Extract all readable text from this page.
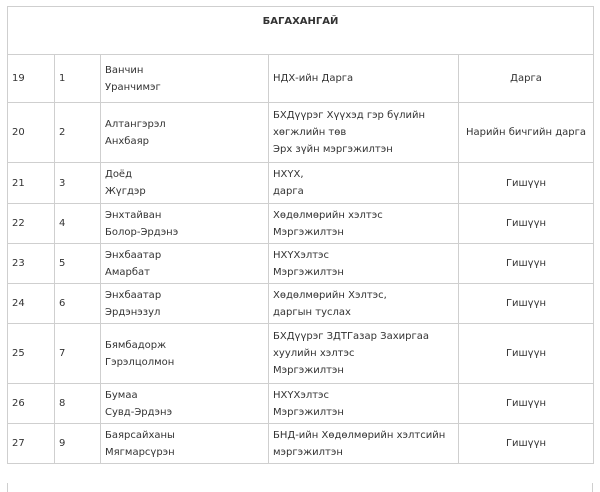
БАГАХАНГАЙ				
19	1	Ванчин
Уранчимэг	НДХ-ийн Дарга	Дарга
20	2	Алтангэрэл
Анхбаяр	БХДүүрэг Хүүхэд гэр бүлийн
хөгжлийн төв
Эрх зүйн мэргэжилтэн	Нарийн бичгийн дарга
21	3	Доёд
Жүгдэр	НХҮХ,
дарга	Гишүүн
22	4	Энхтайван
Болор-Эрдэнэ	Хөдөлмөрийн хэлтэс
Мэргэжилтэн	Гишүүн
23	5	Энхбаатар
Амарбат	НХҮХэлтэс
Мэргэжилтэн	Гишүүн
24	6	Энхбаатар
Эрдэнэзул	Хөдөлмөрийн Хэлтэс,
даргын туслах	Гишүүн
25	7	Бямбадорж
Гэрэлцолмон	БХДүүрэг ЗДТГазар Захиргаа
хуулийн хэлтэс
Мэргэжилтэн	Гишүүн
26	8	Бумаа
Сувд-Эрдэнэ	НХҮХэлтэс
Мэргэжилтэн	Гишүүн
27	9	Баярсайханы
Мягмарсүрэн	БНД-ийн Хөдөлмөрийн хэлтсийн
мэргэжилтэн	Гишүүн
